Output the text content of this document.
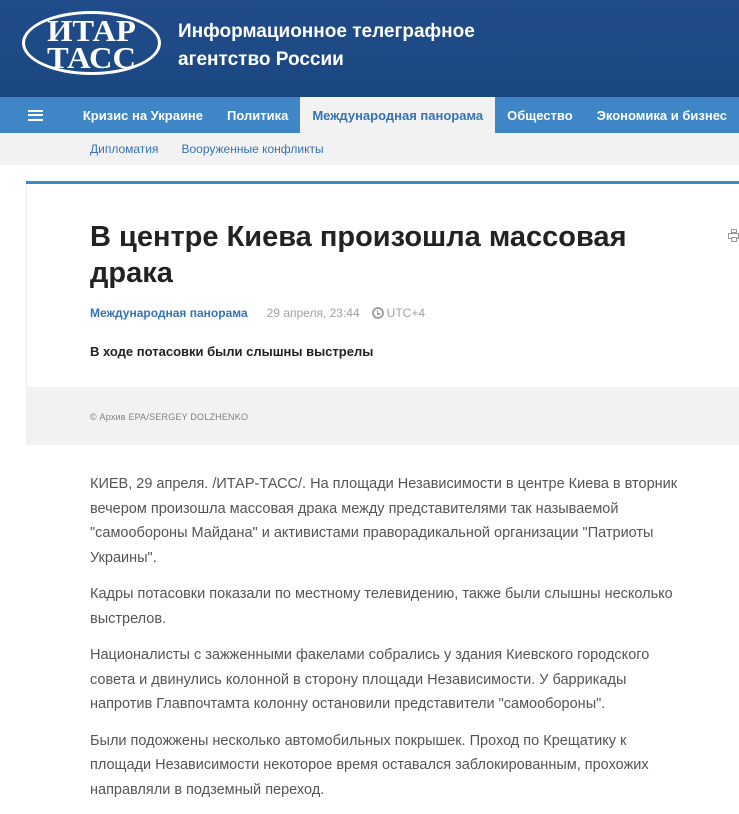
ИТАР
ТАСС
Информационное телеграфное
агентство России
Кризис на Украине	Политика	Международная панорама	Общество	Экономика и бизнес
Дипломатия Вооруженные конфликты
В центре Киева произошла массовая драка
Международная панорама 29 апреля, 23:44 UTC+4
В ходе потасовки были слышны выстрелы
© Архив EPA/SERGEY DOLZHENKO

КИЕВ, 29 апреля. /ИТАР-ТАСС/. На площади Независимости в центре Киева в вторник вечером произошла массовая драка между представителями так называемой "самообороны Майдана" и активистами праворадикальной организации "Патриоты Украины".

Кадры потасовки показали по местному телевидению, также были слышны несколько выстрелов.

Националисты с зажженными факелами собрались у здания Киевского городского совета и двинулись колонной в сторону площади Независимости. У баррикады напротив Главпочтамта колонну остановили представители "самообороны".

Были подожжены несколько автомобильных покрышек. Проход по Крещатику к площади Независимости некоторое время оставался заблокированным, прохожих направляли в подземный переход.
